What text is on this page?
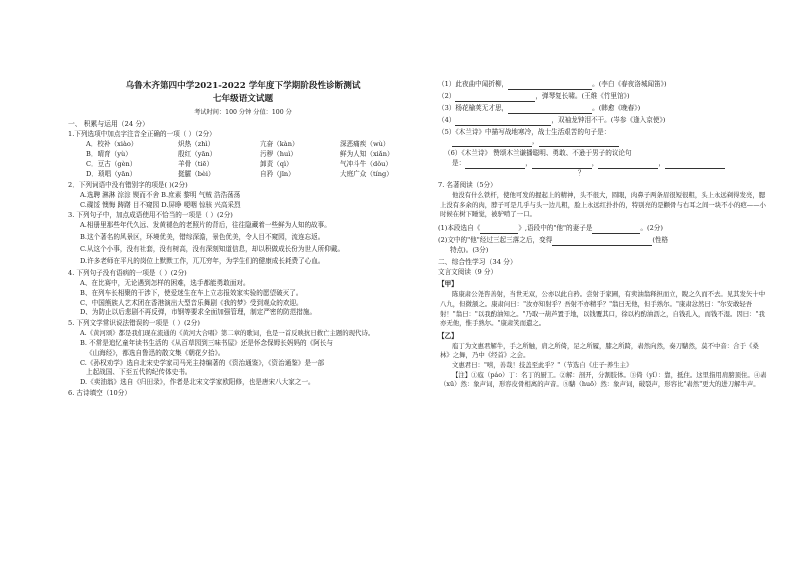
乌鲁木齐第四中学2021-2022 学年度下学期阶段性诊断测试
七年级语文试题
考试时间：100 分钟 分值：100 分
一、 积累与运用（24 分）
1.下列选项中加点字注音全正确的一项（ ）（2分）
A．校补（xiào）	炽热（zhì）	亢奋（kàn）	深恶痛疾（wù）
B．晴育（yù）	殷红（yān）	污秽（huì）	鲜为人知（xiǎn）
C．豆古（gèn）	羊骨（tiē）	卸责（qì）	气冲斗牛（dǒu）
D．琐唱（yān）	挺臛（bèi）	自矜（jīn）	大庭广众（tíng）
2．下列词语中没有错别字的项是( )(2分)
A.选聘 淋淋 淙淙 锲而不舍 B.庶素 黎明 气贼 浩浩荡荡
C.碟馁 懊悔 踌躇 目不窥园 D.屏睁 哽咽 惊骇 兴高采烈
3. 下列句子中，加点成语使用不恰当的一项是（ ）(2分)
A.相册里那些年代久远、发黄褪色的老照片的背后，往往隐藏着一些鲜为人知的故事。
B.这个著名的风景区，环境优美，错综深澹，景色优美，令人目不窥园，流连忘返。
C.从这个小事，没有社套，没有树高，没有深刻知道信息，却以积做成长份为世人所仰戴。
D.许多老师在平凡的岗位上默默工作，兀兀穷年，为学生们的健康成长耗费了心血。
4. 下列句子没有语病的一项是（ ）(2分)
A、在比赛中，无论遇到怎样的困难，选手都能勇敢面对。
B、在列车长相聚的干涉下，使爱迷生在车上立志报效家实验的愿望破灭了。
C、中国熊族人艺术团在香港演出大型音乐舞剧《我的梦》受到观众的欢迎。
D、为防止以后悲剧不再反弹，市钢等要求全面加强管理，制定严密的防范措施。
5. 下列文学常识说法错误的一项是（ ）(2分)
A.《黄河颂》都是我们现在流通的《黄河大合唱》第二章的歌词，也是一首反映抗日救亡主题的现代诗。
B. 不常是追忆童年读书生活的《从百草园到三味书屋》还是怀念保姆长妈妈的《阿长与
《山海经》，都选自鲁迅的散文集《朝花夕拾》。
C.《孙权劝学》选自北宋史学家司马光主持编著的《资治通鉴》，《资治通鉴》是一部
上起战国、下至五代的纪传体史书。
D.《卖油翁》选自《归田录》，作者是北宋文学家欧阳修，也是唐宋八大家之一。
6. 古诗填空（10分）
（1）此夜曲中闻折柳，	。(李白《春夜洛城闻笛》)
（2）	，弹琴复长啸。(王维《竹里馆》)
（3）杨花榆荚无才思，	。(韩愈《晚春》)
（4）	，双袖龙钟泪不干。(岑参《逢入京使》)
（5）《木兰诗》中描写战地寒冷，战士生活艰苦的句子是：
，
（6）《木兰诗》 赞颂木兰谦播聪明、勇敢、不逊于男子的议论句
是：	，	，	，
？
7. 名著阅读（5分）
他没有什么铁杆，使他可发的握起上的精神，头不很大，圆眼，肉鼻子两条眉很短很粗，头上永远剃得发亮，腮上没有多余的肉，脖子可是几乎与头一边儿粗，脸上永远红扑扑的，特别亮的是颧骨与右耳之间一块不小的疤——小时候在树下睡觉，被驴啃了一口。
(1)本段选自《	》,语段中的"他"的妻子是	。(2分)
(2)文中的"他"经过三起三落之后，变得	(性格
特点)。(3分)
二、综合性学习（34 分）
文言文阅读（9 分）
【甲】
陈康肃公尧咨善射，当世无双，公亦以此自矜。尝射于家圃，有卖油翁释担而立，睨之久而不去。见其发矢十中八九，但微颔之。康肃问曰："汝亦知射乎？吾射不亦精乎？"翁曰无他，但手熟尔。"康肃忿然曰："尔安敢轻吾射！"翁曰："以我酌油知之。"乃取一葫芦置于地，以钱覆其口，徐以杓酌油沥之，自钱孔入，而钱不湿。因曰："我亦无他，惟手熟尔。"康肃笑而遣之。
【乙】
庖丁为文惠君解牛，手之所触，肩之所倚，足之所履，膝之所踦，砉然向然，奏刀騞然，莫不中音：合于《桑林》之舞，乃中《经首》之会。
文惠君曰："嘻，善哉！技盖至此乎？"（节选自《庄子·养生主》
【注】①庖（páo）丁：名丁的厨工。②解：剖开，分割肢体。③倚（yǐ）：靠，抵住。这里指用肩膀顶住。④砉（xū）然：象声词，形容皮骨相离的声音。⑤騞（huō）然：象声词，破裂声，形容比"砉然"更大的进刀解牛声。
